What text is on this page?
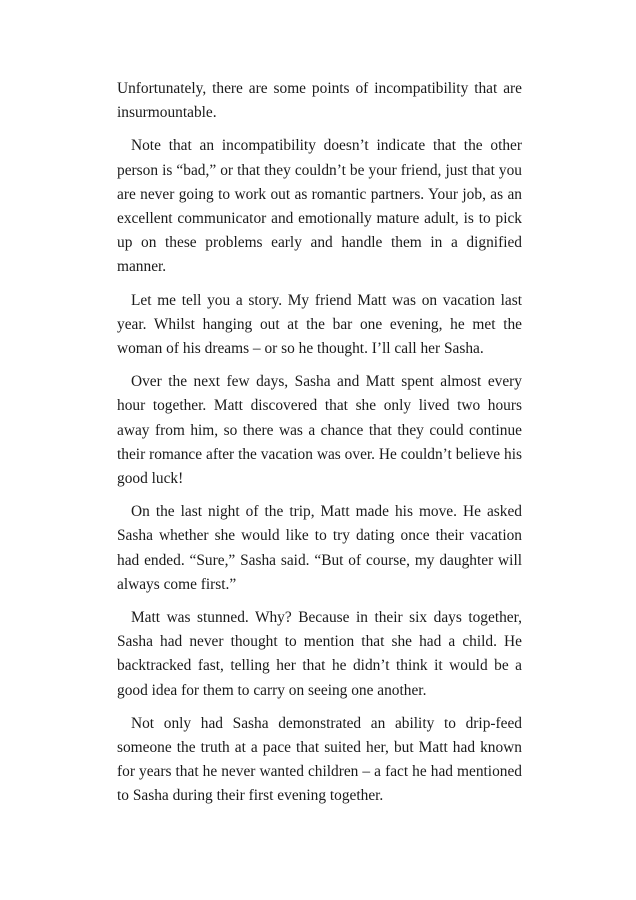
Unfortunately, there are some points of incompatibility that are insurmountable.

Note that an incompatibility doesn’t indicate that the other person is “bad,” or that they couldn’t be your friend, just that you are never going to work out as romantic partners. Your job, as an excellent communicator and emotionally mature adult, is to pick up on these problems early and handle them in a dignified manner.

Let me tell you a story. My friend Matt was on vacation last year. Whilst hanging out at the bar one evening, he met the woman of his dreams – or so he thought. I’ll call her Sasha.

Over the next few days, Sasha and Matt spent almost every hour together. Matt discovered that she only lived two hours away from him, so there was a chance that they could continue their romance after the vacation was over. He couldn’t believe his good luck!

On the last night of the trip, Matt made his move. He asked Sasha whether she would like to try dating once their vacation had ended. “Sure,” Sasha said. “But of course, my daughter will always come first.”

Matt was stunned. Why? Because in their six days together, Sasha had never thought to mention that she had a child. He backtracked fast, telling her that he didn’t think it would be a good idea for them to carry on seeing one another.

Not only had Sasha demonstrated an ability to drip-feed someone the truth at a pace that suited her, but Matt had known for years that he never wanted children – a fact he had mentioned to Sasha during their first evening together.
